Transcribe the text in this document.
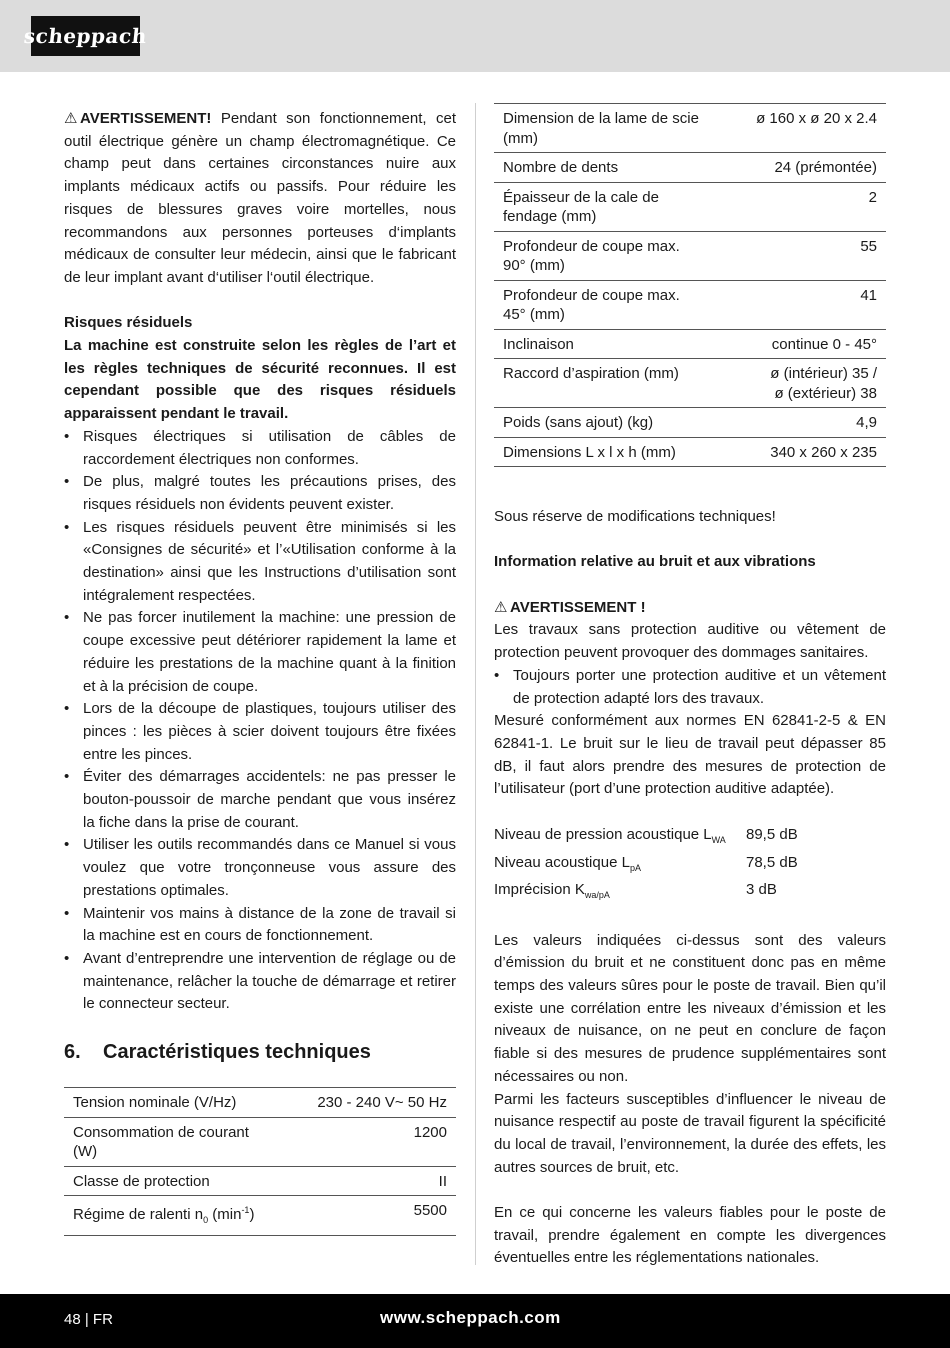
scheppach

⚠ AVERTISSEMENT! Pendant son fonctionnement, cet outil électrique génère un champ électromagnétique. Ce champ peut dans certaines circonstances nuire aux implants médicaux actifs ou passifs. Pour réduire les risques de blessures graves voire mortelles, nous recommandons aux personnes porteuses d‘implants médicaux de consulter leur médecin, ainsi que le fabricant de leur implant avant d‘utiliser l‘outil électrique.

Risques résiduels

La machine est construite selon les règles de l’art et les règles techniques de sécurité reconnues. Il est cependant possible que des risques résiduels apparaissent pendant le travail.

• Risques électriques si utilisation de câbles de raccordement électriques non conformes.
• De plus, malgré toutes les précautions prises, des risques résiduels non évidents peuvent exister.
• Les risques résiduels peuvent être minimisés si les «Consignes de sécurité» et l’«Utilisation conforme à la destination» ainsi que les Instructions d’utilisation sont intégralement respectées.
• Ne pas forcer inutilement la machine: une pression de coupe excessive peut détériorer rapidement la lame et réduire les prestations de la machine quant à la finition et à la précision de coupe.
• Lors de la découpe de plastiques, toujours utiliser des pinces : les pièces à scier doivent toujours être fixées entre les pinces.
• Éviter des démarrages accidentels: ne pas presser le bouton-poussoir de marche pendant que vous insérez la fiche dans la prise de courant.
• Utiliser les outils recommandés dans ce Manuel si vous voulez que votre tronçonneuse vous assure des prestations optimales.
• Maintenir vos mains à distance de la zone de travail si la machine est en cours de fonctionnement.
• Avant d’entreprendre une intervention de réglage ou de maintenance, relâcher la touche de démarrage et retirer le connecteur secteur.
6.	Caractéristiques techniques
Tension nominale (V/Hz)	230 - 240 V~ 50 Hz
Consommation de courant (W)	1200
Classe de protection	II
Régime de ralenti $n_0$ $(\min^{-1})$	5500
Dimension de la lame de scie (mm)	ø 160 x ø 20 x 2.4
Nombre de dents	24 (prémontée)
Épaisseur de la cale de fendage (mm)	2
Profondeur de coupe max. 90° (mm)	55
Profondeur de coupe max. 45° (mm)	41
Inclinaison	continue 0 - 45°
Raccord d’aspiration (mm)	ø (intérieur) 35 /
ø (extérieur) 38

Poids (sans ajout) (kg)	4,9
Dimensions L x l x h (mm)	340 x 260 x 235

Sous réserve de modifications techniques!

Information relative au bruit et aux vibrations

⚠ AVERTISSEMENT !

Les travaux sans protection auditive ou vêtement de protection peuvent provoquer des dommages sanitaires.

• Toujours porter une protection auditive et un vêtement de protection adapté lors des travaux.

Mesuré conformément aux normes EN 62841-2-5 & EN 62841-1. Le bruit sur le lieu de travail peut dépasser 85 dB, il faut alors prendre des mesures de protection de l’utilisateur (port d’une protection auditive adaptée).

Niveau de pression acoustique $L_{WA}$	89,5 dB
Niveau acoustique $L_{pA}$	78,5 dB
Imprécision $K_{wa/pA}$	3 dB

Les valeurs indiquées ci-dessus sont des valeurs d’émission du bruit et ne constituent donc pas en même temps des valeurs sûres pour le poste de travail. Bien qu’il existe une corrélation entre les niveaux d’émission et les niveaux de nuisance, on ne peut en conclure de façon fiable si des mesures de prudence supplémentaires sont nécessaires ou non.

Parmi les facteurs susceptibles d’influencer le niveau de nuisance respectif au poste de travail figurent la spécificité du local de travail, l’environnement, la durée des effets, les autres sources de bruit, etc.

En ce qui concerne les valeurs fiables pour le poste de travail, prendre également en compte les divergences éventuelles entre les réglementations nationales.

48 | FR	www.scheppach.com
